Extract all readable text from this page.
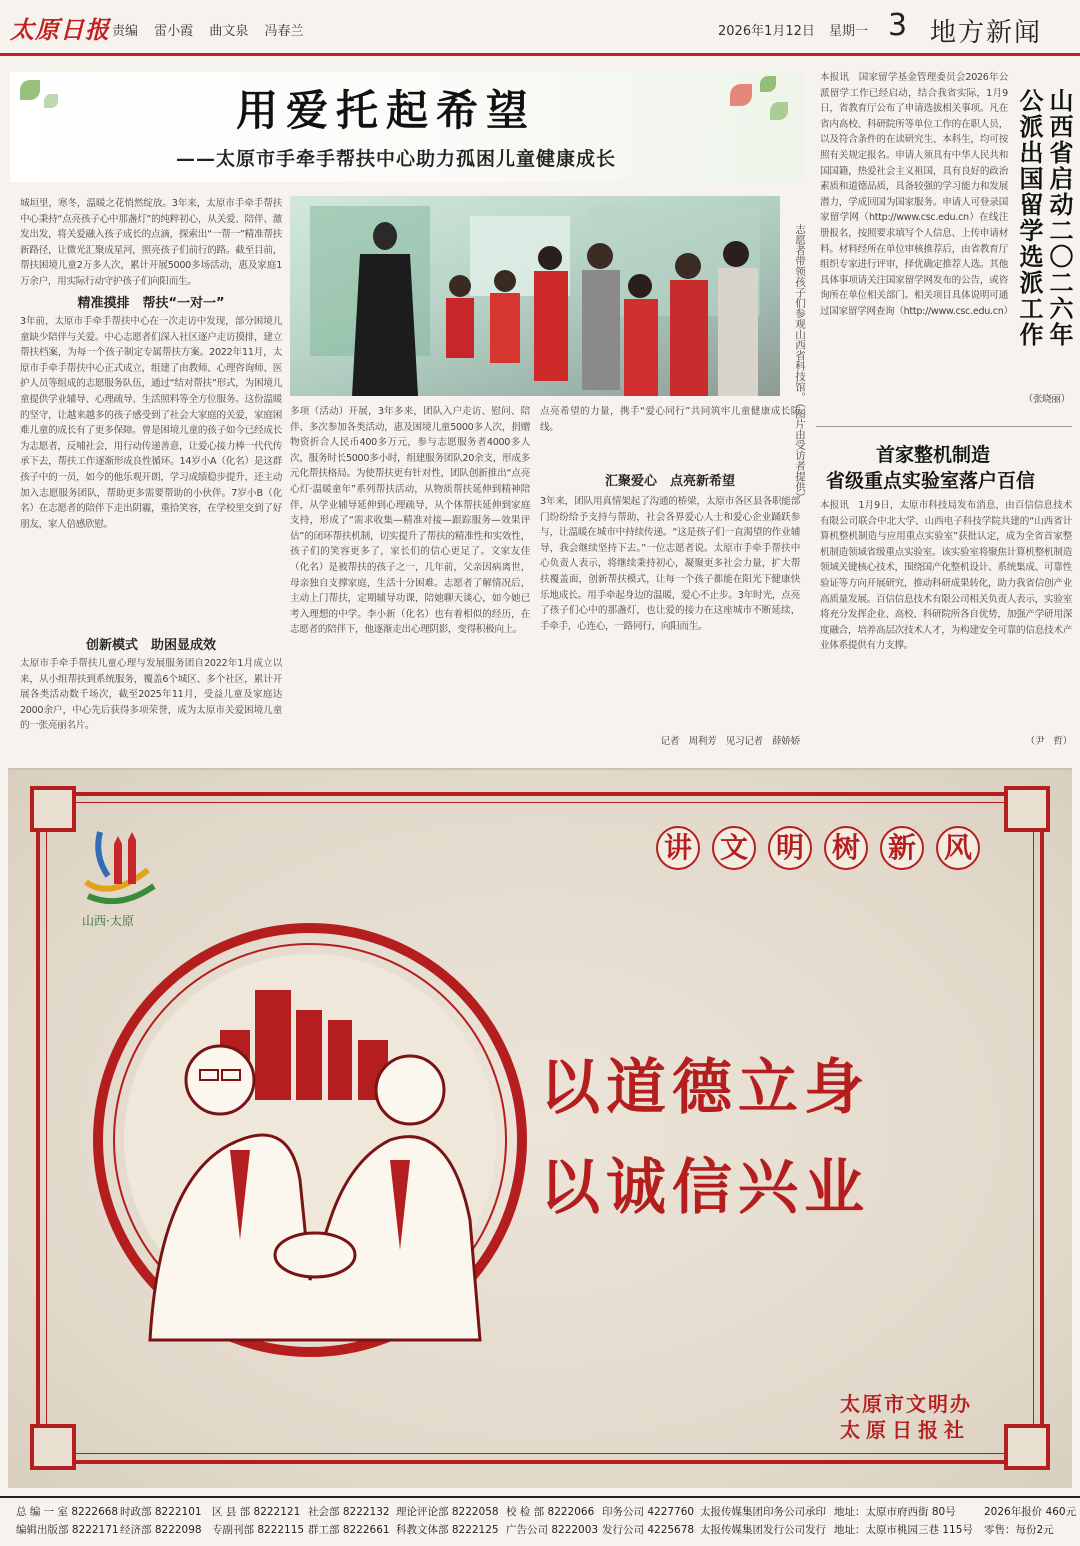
太原日报 责编 雷小霞 曲文泉 冯春兰	2026年1月12日 星期一 3 地方新闻
用爱托起希望
——太原市手牵手帮扶中心助力孤困儿童健康成长
城垣里，寒冬，温暖之花悄然绽放。3年来，太原市手牵手帮扶中心秉持“点亮孩子心中那盏灯”的纯粹初心，从关爱、陪伴、激发出发，将关爱融入孩子成长的点滴，探索出“一帮一”精准帮扶新路径，让微光汇聚成星河，照亮孩子们前行的路。截至目前，帮扶困境儿童2万多人次，累计开展5000多场活动，惠及家庭1万余户，用实际行动守护孩子们向阳而生。
精准摸排　帮扶“一对一”
3年前，太原市手牵手帮扶中心在一次走访中发现，部分困境儿童缺少陪伴与关爱。中心志愿者们深入社区逐户走访摸排，建立帮扶档案，为每一个孩子制定专属帮扶方案。2022年11月，太原市手牵手帮扶中心正式成立，组建了由教师、心理咨询师、医护人员等组成的志愿服务队伍，通过“结对帮扶”形式，为困境儿童提供学业辅导、心理疏导、生活照料等全方位服务。这份温暖的坚守，让越来越多的孩子感受到了社会大家庭的关爱，家庭困难儿童的成长有了更多保障。曾是困境儿童的孩子如今已经成长为志愿者，反哺社会，用行动传递善意，让爱心接力棒一代代传承下去，帮扶工作逐渐形成良性循环。14岁小A（化名）是这群孩子中的一员，如今的他乐观开朗，学习成绩稳步提升，还主动加入志愿服务团队，帮助更多需要帮助的小伙伴。7岁小B（化名）在志愿者的陪伴下走出阴霾，重拾笑容，在学校里交到了好朋友，家人倍感欣慰。
创新模式　助困显成效
太原市手牵手帮扶儿童心理与发展服务团自2022年1月成立以来，从小组帮扶到系统服务，覆盖6个城区、多个社区，累计开展各类活动数千场次，截至2025年11月，受益儿童及家庭达2000余户，中心先后获得多项荣誉，成为太原市关爱困境儿童的一张亮丽名片。
志愿者带领孩子们参观山西省科技馆。（图片由受访者提供）
多项（活动）开展，3年多来，团队入户走访、慰问、陪伴、多次参加各类活动，惠及困境儿童5000多人次，捐赠物资折合人民币400多万元，参与志愿服务者4000多人次，服务时长5000多小时，组建服务团队20余支，形成多元化帮扶格局。为使帮扶更有针对性，团队创新推出“点亮心灯·温暖童年”系列帮扶活动，从物质帮扶延伸到精神陪伴，从学业辅导延伸到心理疏导，从个体帮扶延伸到家庭支持，形成了“需求收集—精准对接—跟踪服务—效果评估”的闭环帮扶机制，切实提升了帮扶的精准性和实效性，孩子们的笑容更多了，家长们的信心更足了。文家友佳（化名）是被帮扶的孩子之一，几年前，父亲因病离世，母亲独自支撑家庭，生活十分困难。志愿者了解情况后，主动上门帮扶，定期辅导功课，陪她聊天谈心，如今她已考入理想的中学。李小新（化名）也有着相似的经历，在志愿者的陪伴下，他逐渐走出心理阴影，变得积极向上。
点亮希望的力量，携手“爱心同行”共同筑牢儿童健康成长防线。
汇聚爱心　点亮新希望
3年来，团队用真情架起了沟通的桥梁，太原市各区县各职能部门纷纷给予支持与帮助，社会各界爱心人士和爱心企业踊跃参与，让温暖在城市中持续传递。“这是孩子们一直渴望的作业辅导，我会继续坚持下去。”一位志愿者说。太原市手牵手帮扶中心负责人表示，将继续秉持初心，凝聚更多社会力量，扩大帮扶覆盖面，创新帮扶模式，让每一个孩子都能在阳光下健康快乐地成长。用手牵起身边的温暖，爱心不止步。3年时光，点亮了孩子们心中的那盏灯，也让爱的接力在这座城市不断延续，手牵手，心连心，一路同行，向阳而生。
记者　周利芳　见习记者　薛娇娇
山西省启动二〇二六年公派出国留学选派工作
本报讯　国家留学基金管理委员会2026年公派留学工作已经启动，结合我省实际，1月9日，省教育厅公布了申请选拔相关事项。凡在省内高校、科研院所等单位工作的在职人员，以及符合条件的在读研究生、本科生，均可按照有关规定报名。申请人须具有中华人民共和国国籍，热爱社会主义祖国，具有良好的政治素质和道德品质，具备较强的学习能力和发展潜力，学成回国为国家服务。申请人可登录国家留学网（http://www.csc.edu.cn）在线注册报名，按照要求填写个人信息、上传申请材料。材料经所在单位审核推荐后，由省教育厅组织专家进行评审，择优确定推荐人选。其他具体事项请关注国家留学网发布的公告，或咨询所在单位相关部门。相关项目具体说明可通过国家留学网查询（http://www.csc.edu.cn）
（张晓丽）
首家整机制造
省级重点实验室落户百信
本报讯　1月9日，太原市科技局发布消息，由百信信息技术有限公司联合中北大学、山西电子科技学院共建的“山西省计算机整机制造与应用重点实验室”获批认定，成为全省首家整机制造领域省级重点实验室。该实验室将聚焦计算机整机制造领域关键核心技术，围绕国产化整机设计、系统集成、可靠性验证等方向开展研究，推动科研成果转化，助力我省信创产业高质量发展。百信信息技术有限公司相关负责人表示，实验室将充分发挥企业、高校、科研院所各自优势，加强产学研用深度融合，培养高层次技术人才，为构建安全可靠的信息技术产业体系提供有力支撑。
（尹　哲）
山西·太原
讲 文 明 树 新 风
以道德立身
以诚信兴业
太原市文明办
太原日报社
总 编 一 室 8222668
编辑出版部 8222171
时政部 8222101
经济部 8222098
区 县 部 8222121
专副刊部 8222115
社会部 8222132
群工部 8222661
理论评论部 8222058
科教文体部 8222125
校 检 部 8222066
广告公司 8222003
印务公司 4227760
发行公司 4225678
太报传媒集团印务公司承印
太报传媒集团发行公司发行
地址：太原市府西街 80号
地址：太原市桃园三巷 115号
2026年报价 460元
零售：每份2元
